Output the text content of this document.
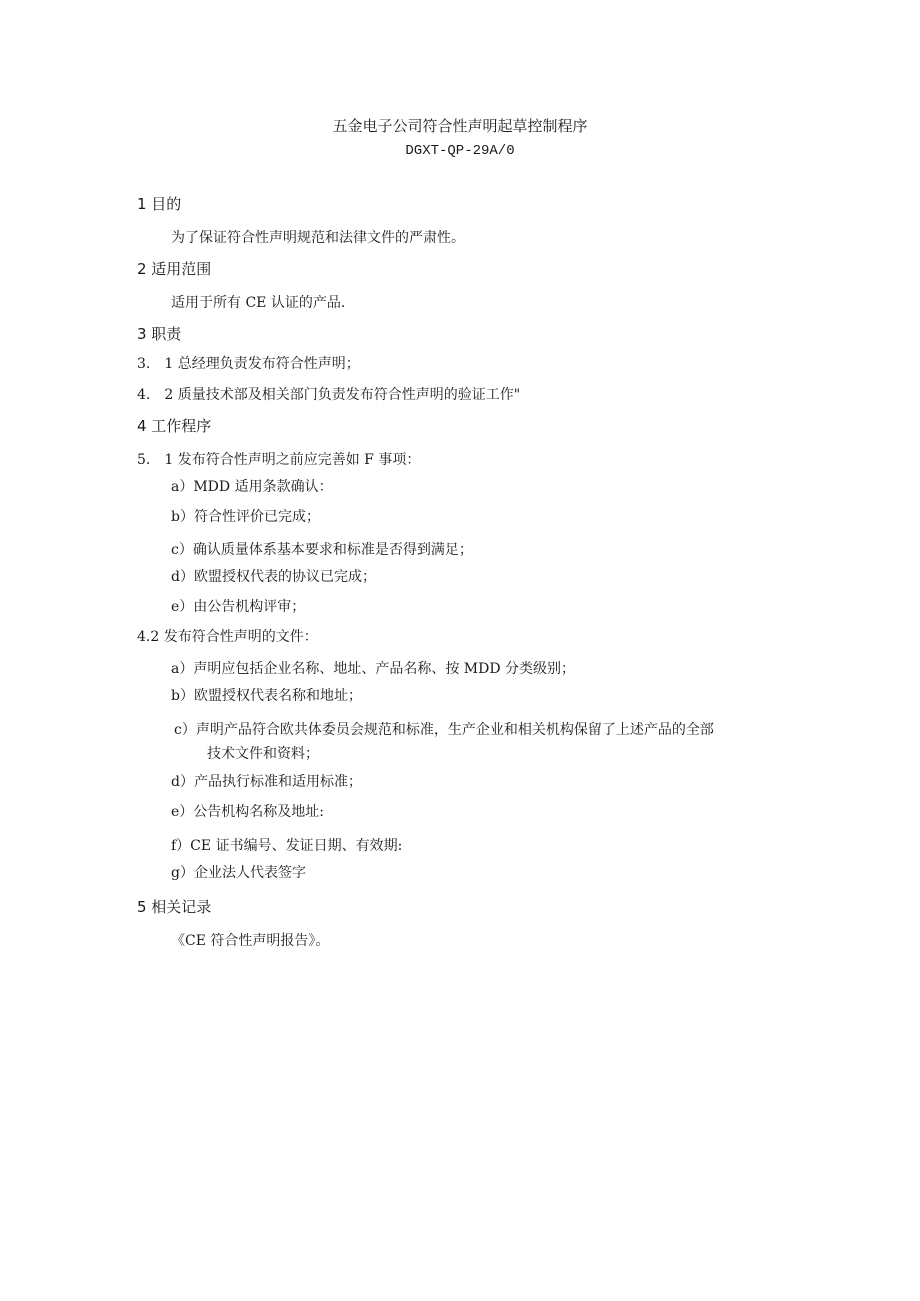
五金电子公司符合性声明起草控制程序
DGXT-QP-29A/0
1 目的
为了保证符合性声明规范和法律文件的严肃性。
2 适用范围
适用于所有 CE 认证的产品.
3 职责
3.　1 总经理负责发布符合性声明；
4.　2 质量技术部及相关部门负责发布符合性声明的验证工作"
4 工作程序
5.　1 发布符合性声明之前应完善如 F 事项：
a）MDD 适用条款确认：
b）符合性评价已完成；
c）确认质量体系基本要求和标准是否得到满足；
d）欧盟授权代表的协议已完成；
e）由公告机构评审；
4.2 发布符合性声明的文件：
a）声明应包括企业名称、地址、产品名称、按 MDD 分类级别；
b）欧盟授权代表名称和地址；
c）声明产品符合欧共体委员会规范和标准，生产企业和相关机构保留了上述产品的全部
技术文件和资料；
d）产品执行标准和适用标准；
e）公告机构名称及地址:
f）CE 证书编号、发证日期、有效期:
g）企业法人代表签字
5 相关记录
《CE 符合性声明报告》。
